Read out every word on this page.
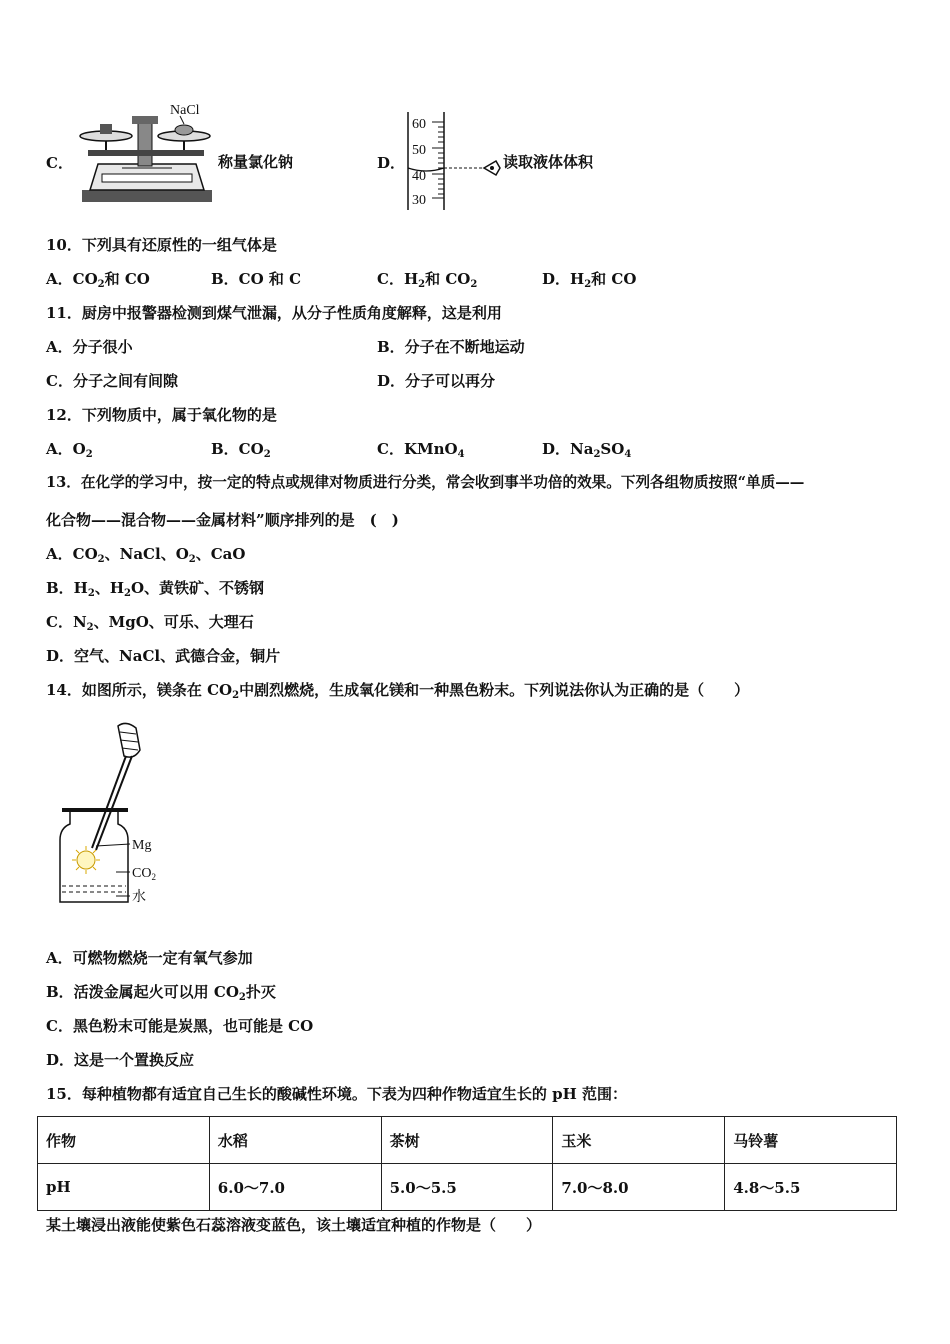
C．
NaCl
称量氯化钠	D．
60
50
40
30
读取液体体积
10．下列具有还原性的一组气体是
A．$CO_2$和 CO	B．CO 和 C	C．$H_2$和 $CO_2$	D．$H_2$和 CO
11．厨房中报警器检测到煤气泄漏，从分子性质角度解释，这是利用
A．分子很小	B．分子在不断地运动
C．分子之间有间隙	D．分子可以再分
12．下列物质中，属于氧化物的是
A．$O_2$	B．$CO_2$	C．KMnO$_4$	D．$Na_2SO_4$
13．在化学的学习中，按一定的特点或规律对物质进行分类，常会收到事半功倍的效果。下列各组物质按照“单质——
化合物——混合物——金属材料”顺序排列的是　(　)
A．$CO_2$、NaCl、$O_2$、CaO
B．$H_2$、$H_2O$、黄铁矿、不锈钢
C．$N_2$、MgO、可乐、大理石
D．空气、NaCl、武德合金，铜片
14．如图所示，镁条在 $CO_2$中剧烈燃烧，生成氧化镁和一种黑色粉末。下列说法你认为正确的是（　　）
Mg
$CO_2$
水
A．可燃物燃烧一定有氧气参加
B．活泼金属起火可以用 $CO_2$扑灭
C．黑色粉末可能是炭黑，也可能是 CO
D．这是一个置换反应
15．每种植物都有适宜自己生长的酸碱性环境。下表为四种作物适宜生长的 pH 范围：
作物	水稻	茶树	玉米	马铃薯
pH	6.0～7.0	5.0～5.5	7.0～8.0	4.8～5.5
某土壤浸出液能使紫色石蕊溶液变蓝色，该土壤适宜种植的作物是（　　）
